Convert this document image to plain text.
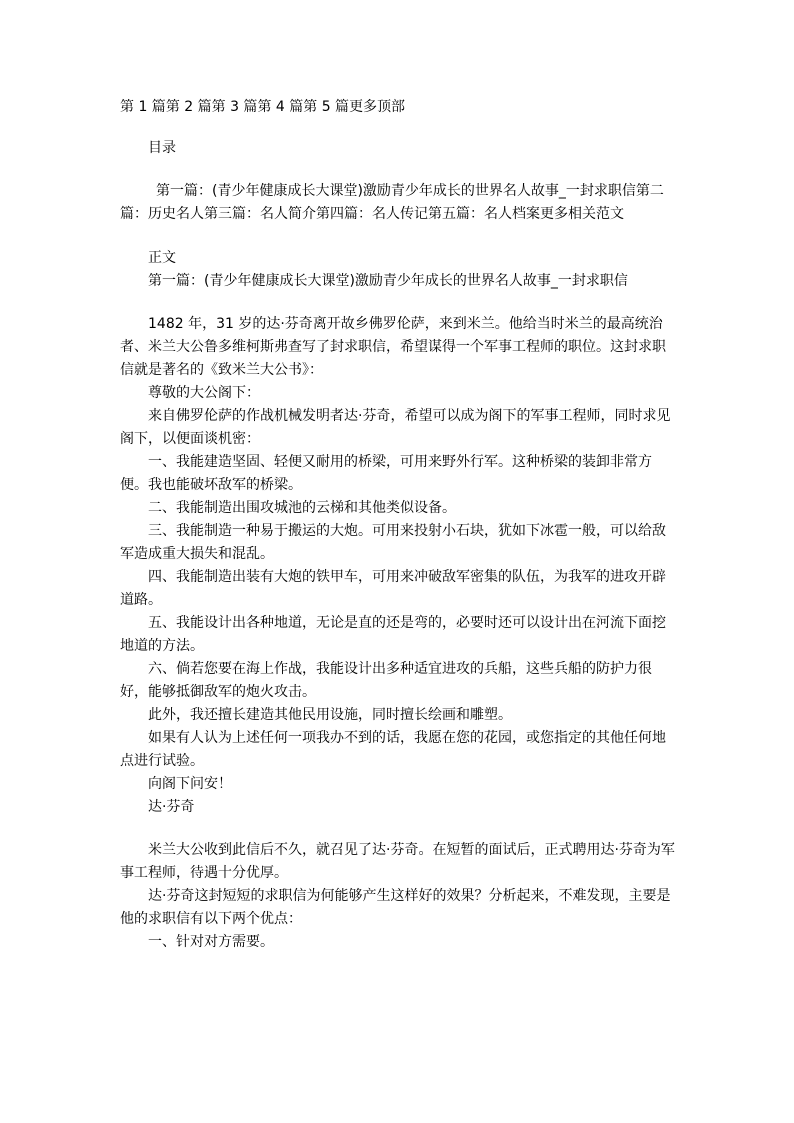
第 1 篇第 2 篇第 3 篇第 4 篇第 5 篇更多顶部

目录

第一篇：(青少年健康成长大课堂)激励青少年成长的世界名人故事_一封求职信第二篇：历史名人第三篇：名人简介第四篇：名人传记第五篇：名人档案更多相关范文

正文

第一篇：(青少年健康成长大课堂)激励青少年成长的世界名人故事_一封求职信

1482 年，31 岁的达·芬奇离开故乡佛罗伦萨，来到米兰。他给当时米兰的最高统治者、米兰大公鲁多维柯斯弗查写了封求职信，希望谋得一个军事工程师的职位。这封求职信就是著名的《致米兰大公书》：

尊敬的大公阁下：

来自佛罗伦萨的作战机械发明者达·芬奇，希望可以成为阁下的军事工程师，同时求见阁下，以便面谈机密：

一、我能建造坚固、轻便又耐用的桥梁，可用来野外行军。这种桥梁的装卸非常方便。我也能破坏敌军的桥梁。

二、我能制造出围攻城池的云梯和其他类似设备。

三、我能制造一种易于搬运的大炮。可用来投射小石块，犹如下冰雹一般，可以给敌军造成重大损失和混乱。

四、我能制造出装有大炮的铁甲车，可用来冲破敌军密集的队伍，为我军的进攻开辟道路。

五、我能设计出各种地道，无论是直的还是弯的，必要时还可以设计出在河流下面挖地道的方法。

六、倘若您要在海上作战，我能设计出多种适宜进攻的兵船，这些兵船的防护力很好，能够抵御敌军的炮火攻击。

此外，我还擅长建造其他民用设施，同时擅长绘画和雕塑。

如果有人认为上述任何一项我办不到的话，我愿在您的花园，或您指定的其他任何地点进行试验。

向阁下问安！

达·芬奇

米兰大公收到此信后不久，就召见了达·芬奇。在短暂的面试后，正式聘用达·芬奇为军事工程师，待遇十分优厚。

达·芬奇这封短短的求职信为何能够产生这样好的效果？分析起来，不难发现，主要是他的求职信有以下两个优点：

一、针对对方需要。
